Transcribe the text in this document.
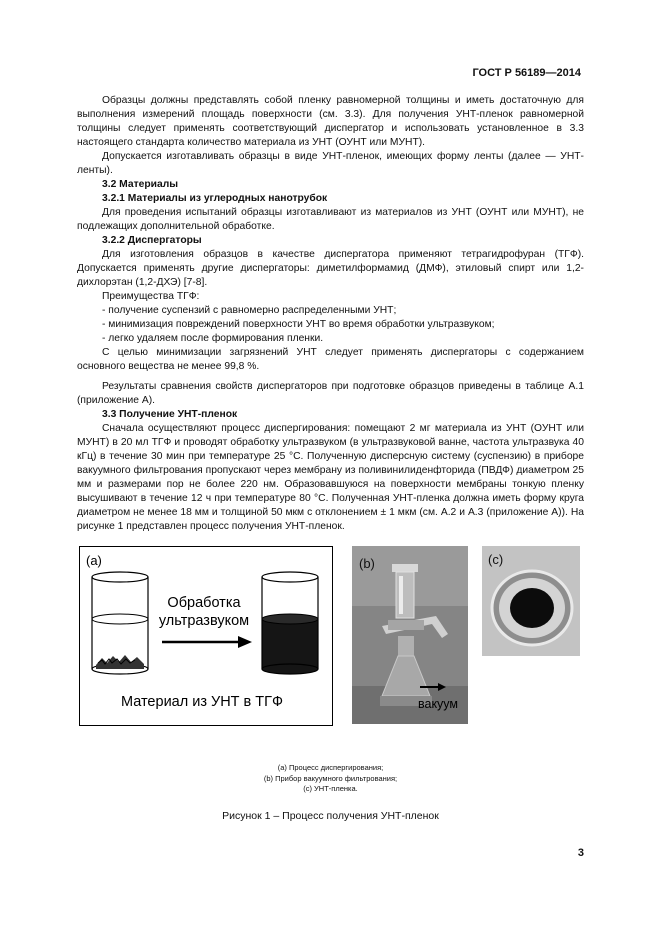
ГОСТ Р 56189—2014

Образцы должны представлять собой пленку равномерной толщины и иметь достаточную для выполнения измерений площадь поверхности (см. 3.3). Для получения УНТ-пленок равномерной толщины следует применять соответствующий диспергатор и использовать установленное в 3.3 настоящего стандарта количество материала из УНТ (ОУНТ или МУНТ).

Допускается изготавливать образцы в виде УНТ-пленок, имеющих форму ленты (далее — УНТ-ленты).

3.2 Материалы

3.2.1 Материалы из углеродных нанотрубок

Для проведения испытаний образцы изготавливают из материалов из УНТ (ОУНТ или МУНТ), не подлежащих дополнительной обработке.

3.2.2 Диспергаторы

Для изготовления образцов в качестве диспергатора применяют тетрагидрофуран (ТГФ). Допускается применять другие диспергаторы: диметилформамид (ДМФ), этиловый спирт или 1,2-дихлорэтан (1,2-ДХЭ) [7-8].

Преимущества ТГФ:

- получение суспензий с равномерно распределенными УНТ;

- минимизация повреждений поверхности УНТ во время обработки ультразвуком;

- легко удаляем после формирования пленки.

С целью минимизации загрязнений УНТ следует применять диспергаторы с содержанием основного вещества не менее 99,8 %.

Результаты сравнения свойств диспергаторов при подготовке образцов приведены в таблице А.1 (приложение А).

3.3 Получение УНТ-пленок

Сначала осуществляют процесс диспергирования: помещают 2 мг материала из УНТ (ОУНТ или МУНТ) в 20 мл ТГФ и проводят обработку ультразвуком (в ультразвуковой ванне, частота ультразвука 40 кГц) в течение 30 мин при температуре 25 °С. Полученную дисперсную систему (суспензию) в приборе вакуумного фильтрования пропускают через мембрану из поливинилиденфторида (ПВДФ) диаметром 25 мм и размерами пор не более 220 нм. Образовавшуюся на поверхности мембраны тонкую пленку высушивают в течение 12 ч при температуре 80 °С. Полученная УНТ-пленка должна иметь форму круга диаметром не менее 18 мм и толщиной 50 мкм с отклонением ± 1 мкм (см. А.2 и А.3 (приложение А)). На рисунке 1 представлен процесс получения УНТ-пленок.

(a)
Обработка
ультразвуком
Материал из УНТ в ТГФ
(b)
вакуум
(c)
(a) Процесс диспергирования;
(b) Прибор вакуумного фильтрования;
(c) УНТ-пленка.
Рисунок 1 – Процесс получения УНТ-пленок
3
